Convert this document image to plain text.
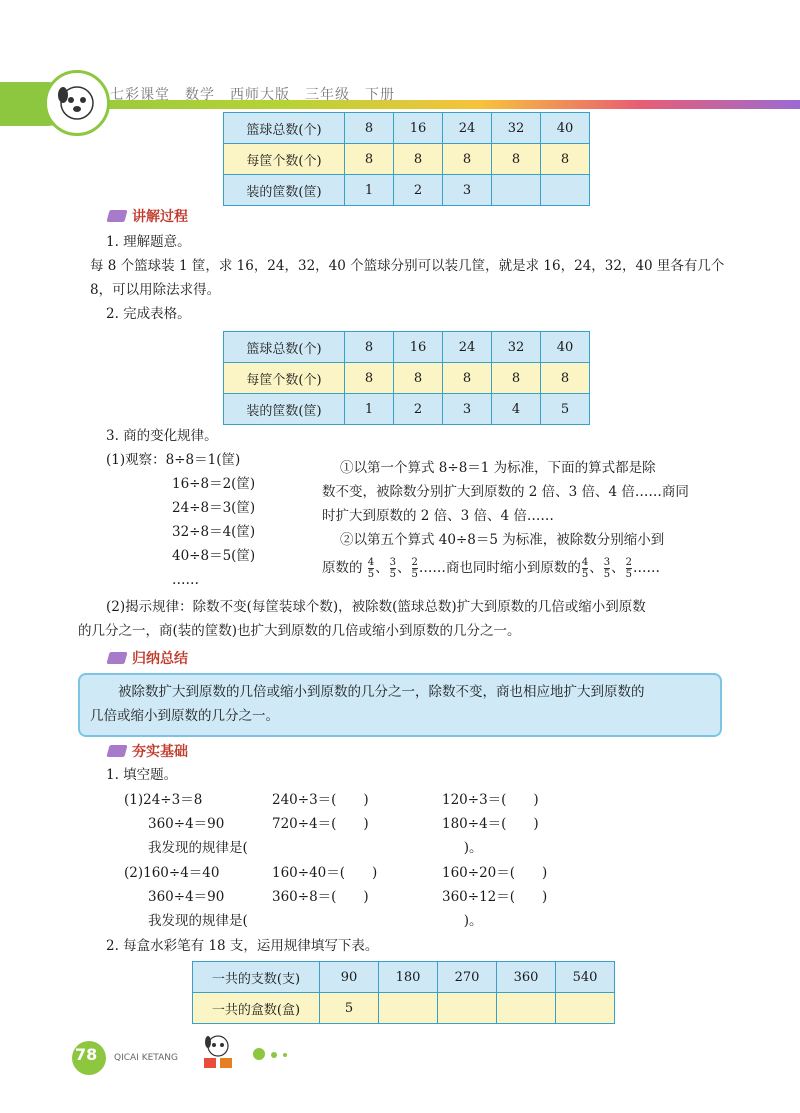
七彩课堂　数学　西师大版　三年级　下册
篮球总数(个)	8	16	24	32	40
每筐个数(个)	8	8	8	8	8
装的筐数(筐)	1	2	3		
讲解过程
1. 理解题意。
每 8 个篮球装 1 筐，求 16，24，32，40 个篮球分别可以装几筐，就是求 16，24，32，40 里各有几个
8，可以用除法求得。
2. 完成表格。
篮球总数(个)	8	16	24	32	40
每筐个数(个)	8	8	8	8	8
装的筐数(筐)	1	2	3	4	5
3. 商的变化规律。
(1)观察：8÷8＝1(筐)
16÷8＝2(筐)
24÷8＝3(筐)
32÷8＝4(筐)
40÷8＝5(筐)
……
①以第一个算式 8÷8＝1 为标准，下面的算式都是除
数不变，被除数分别扩大到原数的 2 倍、3 倍、4 倍……商同
时扩大到原数的 2 倍、3 倍、4 倍……
②以第五个算式 40÷8＝5 为标准，被除数分别缩小到
原数的 $\frac{4}{5}$ 、 $\frac{3}{5}$ 、 $\frac{2}{5}$ ……商也同时缩小到原数的 $\frac{4}{5}$ 、 $\frac{3}{5}$ 、 $\frac{2}{5}$ ……
(2)揭示规律：除数不变(每筐装球个数)，被除数(篮球总数)扩大到原数的几倍或缩小到原数
的几分之一，商(装的筐数)也扩大到原数的几倍或缩小到原数的几分之一。
归纳总结
被除数扩大到原数的几倍或缩小到原数的几分之一，除数不变，商也相应地扩大到原数的
几倍或缩小到原数的几分之一。
夯实基础
1. 填空题。
(1)24÷3＝8	240÷3＝(　　)	120÷3＝(　　)
360÷4＝90	720÷4＝(　　)	180÷4＝(　　)
我发现的规律是(　　　　　　　　　　　　　　　　)。
(2)160÷4＝40	160÷40＝(　　)	160÷20＝(　　)
360÷4＝90	360÷8＝(　　)	360÷12＝(　　)
我发现的规律是(　　　　　　　　　　　　　　　　)。
2. 每盒水彩笔有 18 支，运用规律填写下表。
一共的支数(支)	90	180	270	360	540
一共的盒数(盒)	5				
78 QICAI KETANG
